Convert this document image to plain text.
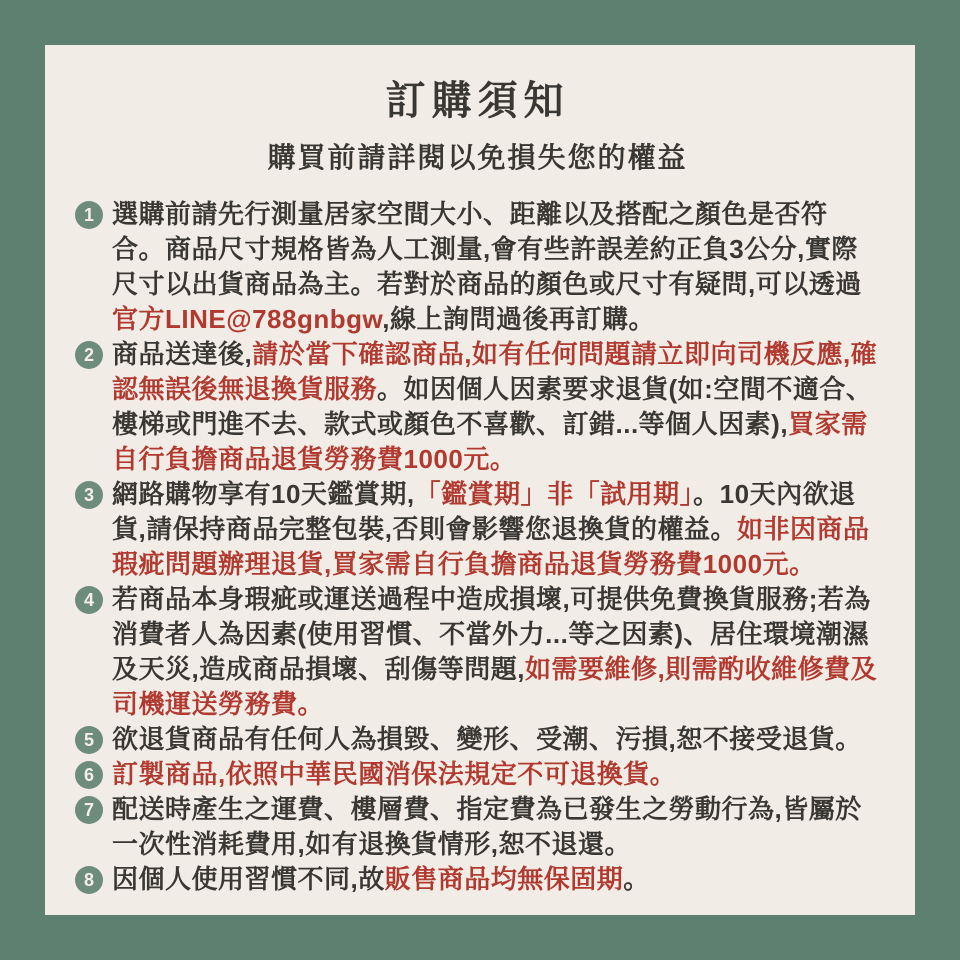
訂購須知
購買前請詳閱以免損失您的權益
1 選購前請先行測量居家空間大小、距離以及搭配之顏色是否符合。商品尺寸規格皆為人工測量,會有些許誤差約正負3公分,實際尺寸以出貨商品為主。若對於商品的顏色或尺寸有疑問,可以透過官方LINE@788gnbgw,線上詢問過後再訂購。
2 商品送達後,請於當下確認商品,如有任何問題請立即向司機反應,確認無誤後無退換貨服務。如因個人因素要求退貨(如:空間不適合、樓梯或門進不去、款式或顏色不喜歡、訂錯...等個人因素),買家需自行負擔商品退貨勞務費1000元。
3 網路購物享有10天鑑賞期,「鑑賞期」非「試用期」。10天內欲退貨,請保持商品完整包裝,否則會影響您退換貨的權益。如非因商品瑕疵問題辦理退貨,買家需自行負擔商品退貨勞務費1000元。
4 若商品本身瑕疵或運送過程中造成損壞,可提供免費換貨服務;若為消費者人為因素(使用習慣、不當外力...等之因素)、居住環境潮濕及天災,造成商品損壞、刮傷等問題,如需要維修,則需酌收維修費及司機運送勞務費。
5 欲退貨商品有任何人為損毀、變形、受潮、污損,恕不接受退貨。
6 訂製商品,依照中華民國消保法規定不可退換貨。
7 配送時產生之運費、樓層費、指定費為已發生之勞動行為,皆屬於一次性消耗費用,如有退換貨情形,恕不退還。
8 因個人使用習慣不同,故販售商品均無保固期。
